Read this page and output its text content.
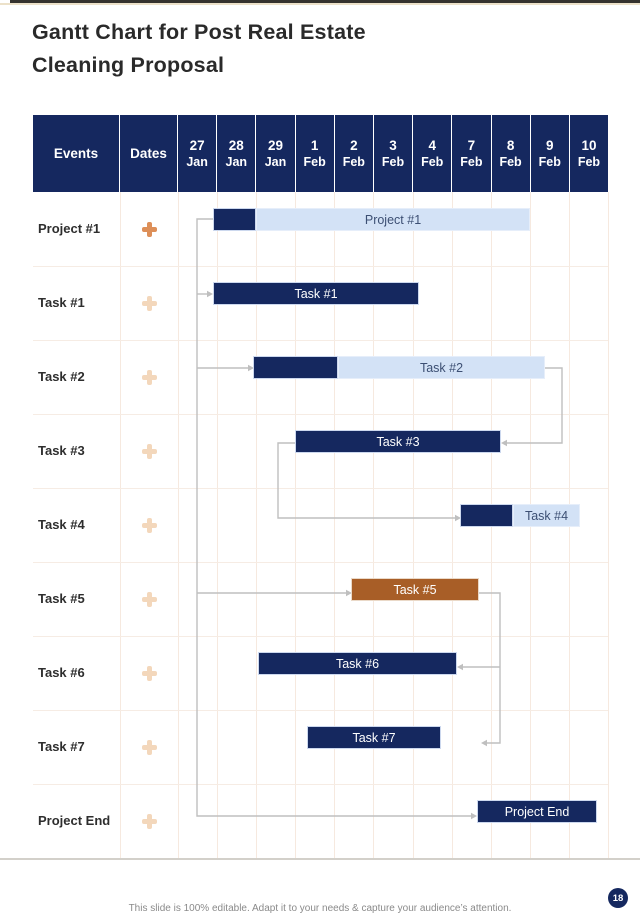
Gantt Chart for Post Real Estate Cleaning Proposal
Events	Dates
27
Jan
28
Jan
29
Jan
1
Feb
2
Feb
3
Feb
4
Feb
7
Feb
8
Feb
9
Feb
10
Feb
This slide is 100% editable. Adapt it to your needs & capture your audience’s attention.
18
Project #1
Project #1
Task #1
Task #1
Task #2
Task #2
Task #3
Task #3
Task #4
Task #4
Task #5
Task #5
Task #6
Task #6
Task #7
Task #7
Project End
Project End
